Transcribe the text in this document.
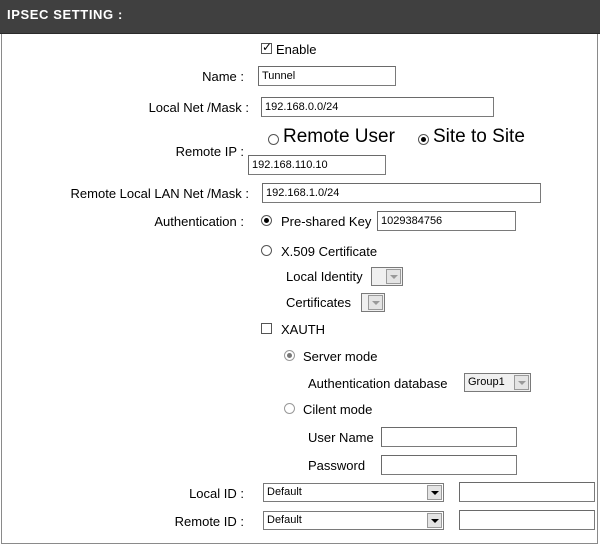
IPSEC SETTING :
✓
Enable
Name :	Tunnel
Local Net /Mask :	192.168.0.0/24
Remote IP :
Remote User Site to Site
192.168.110.10
Remote Local LAN Net /Mask :	192.168.1.0/24
Authentication :	Pre-shared Key 1029384756
X.509 Certificate
Local Identity
Certificates
XAUTH
Server mode
Authentication database	Group1
Cilent mode
User Name
Password
Local ID :	Default
Remote ID :	Default
